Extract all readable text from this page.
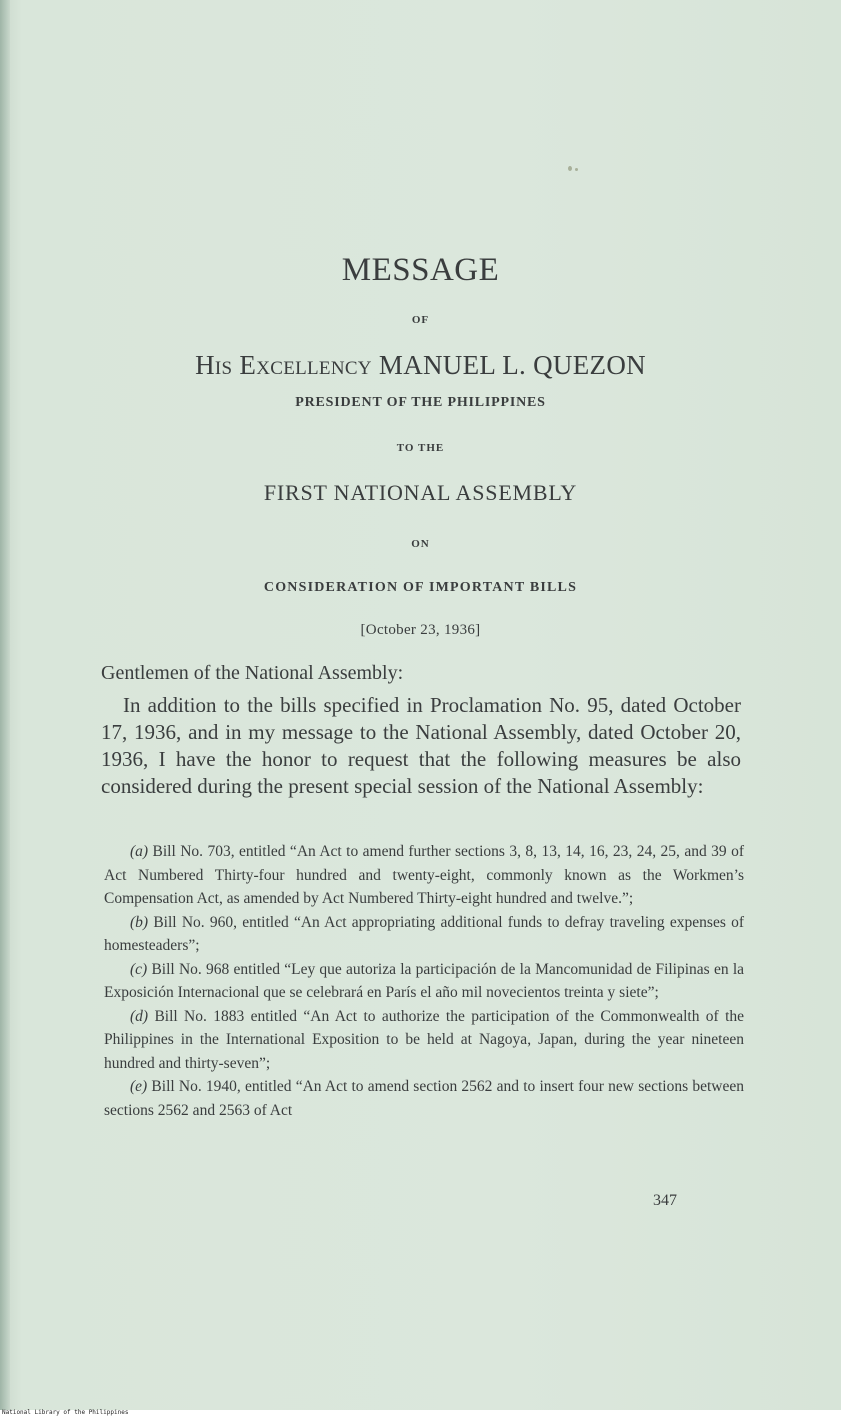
MESSAGE
OF
His Excellency MANUEL L. QUEZON
PRESIDENT OF THE PHILIPPINES
TO THE
FIRST NATIONAL ASSEMBLY
ON
CONSIDERATION OF IMPORTANT BILLS
[October 23, 1936]
Gentlemen of the National Assembly:
In addition to the bills specified in Proclamation No. 95, dated October 17, 1936, and in my message to the National Assembly, dated October 20, 1936, I have the honor to request that the following measures be also considered during the present special session of the National Assembly:

(a) Bill No. 703, entitled “An Act to amend further sections 3, 8, 13, 14, 16, 23, 24, 25, and 39 of Act Numbered Thirty-four hundred and twenty-eight, commonly known as the Workmen’s Compensation Act, as amended by Act Numbered Thirty-eight hundred and twelve.”;

(b) Bill No. 960, entitled “An Act appropriating additional funds to defray traveling expenses of homesteaders”;

(c) Bill No. 968 entitled “Ley que autoriza la participación de la Mancomunidad de Filipinas en la Exposición Internacional que se celebrará en París el año mil novecientos treinta y siete”;

(d) Bill No. 1883 entitled “An Act to authorize the participation of the Commonwealth of the Philippines in the International Exposition to be held at Nagoya, Japan, during the year nineteen hundred and thirty-seven”;

(e) Bill No. 1940, entitled “An Act to amend section 2562 and to insert four new sections between sections 2562 and 2563 of Act

347
National Library of the Philippines
